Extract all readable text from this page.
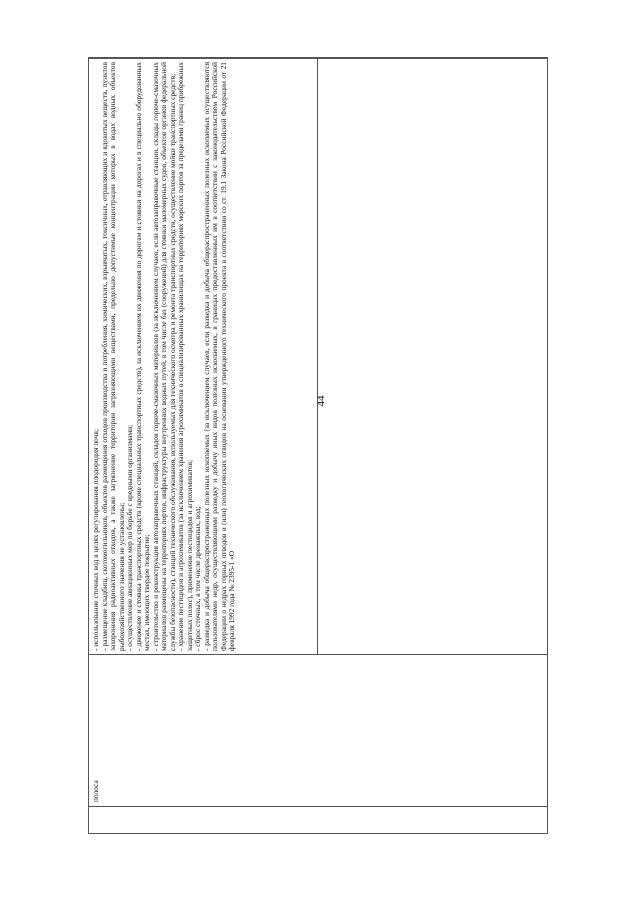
44
полоса

- использование сточных вод в целях регулирования плодородия почв; - размещение кладбищ, скотомогильников, объектов размещения отходов производства и потребления, химических, взрывчатых, токсичных, отравляющих и ядовитых веществ, пунктов захоронения радиоактивных отходов, а также загрязнение территории загрязняющими веществами, предельно допустимые концентрации которых в водах водных объектов рыбохозяйственного значения не установлены; - осуществление авиационных мер по борьбе с вредными организмами; - движение и стоянка транспортных средств (кроме специальных транспортных средств), за исключением их движения по дорогам и стоянки на дорогах и в специально оборудованных местах, имеющих твердое покрытие; - строительство и реконструкция автозаправочных станций, складов горюче-смазочных материалов (за исключением случаев, если автозаправочные станции, склады горюче-смазочных материалов размещены на территориях портов, инфраструктуры внутренних водных путей, в том числе баз (сооружений) для стоянки маломерных судов, объектов органов федеральной службы безопасности), станций технического обслуживания, используемых для технического осмотра и ремонта транспортных средств, осуществление мойки транспортных средств; - хранение пестицидов и агрохимикатов (за исключением хранения агрохимикатов в специализированных хранилищах на территориях морских портов за пределами границ прибрежных защитных полос), применение пестицидов и агрохимикатов; - сброс сточных, в том числе дренажных, вод; - разведка и добыча общераспространенных полезных ископаемых (за исключением случаев, если разведка и добыча общераспространенных полезных ископаемых осуществляются пользователями недр, осуществляющими разведку и добычу иных видов полезных ископаемых, в границах предоставленных им в соответствии с законодательством Российской Федерации о недрах горных отводов и (или) геологических отводов на основании утвержденного технического проекта в соответствии со ст. 19.1 Закона Российской Федерации от 21 февраля 1992 года № 2395-1 «О
